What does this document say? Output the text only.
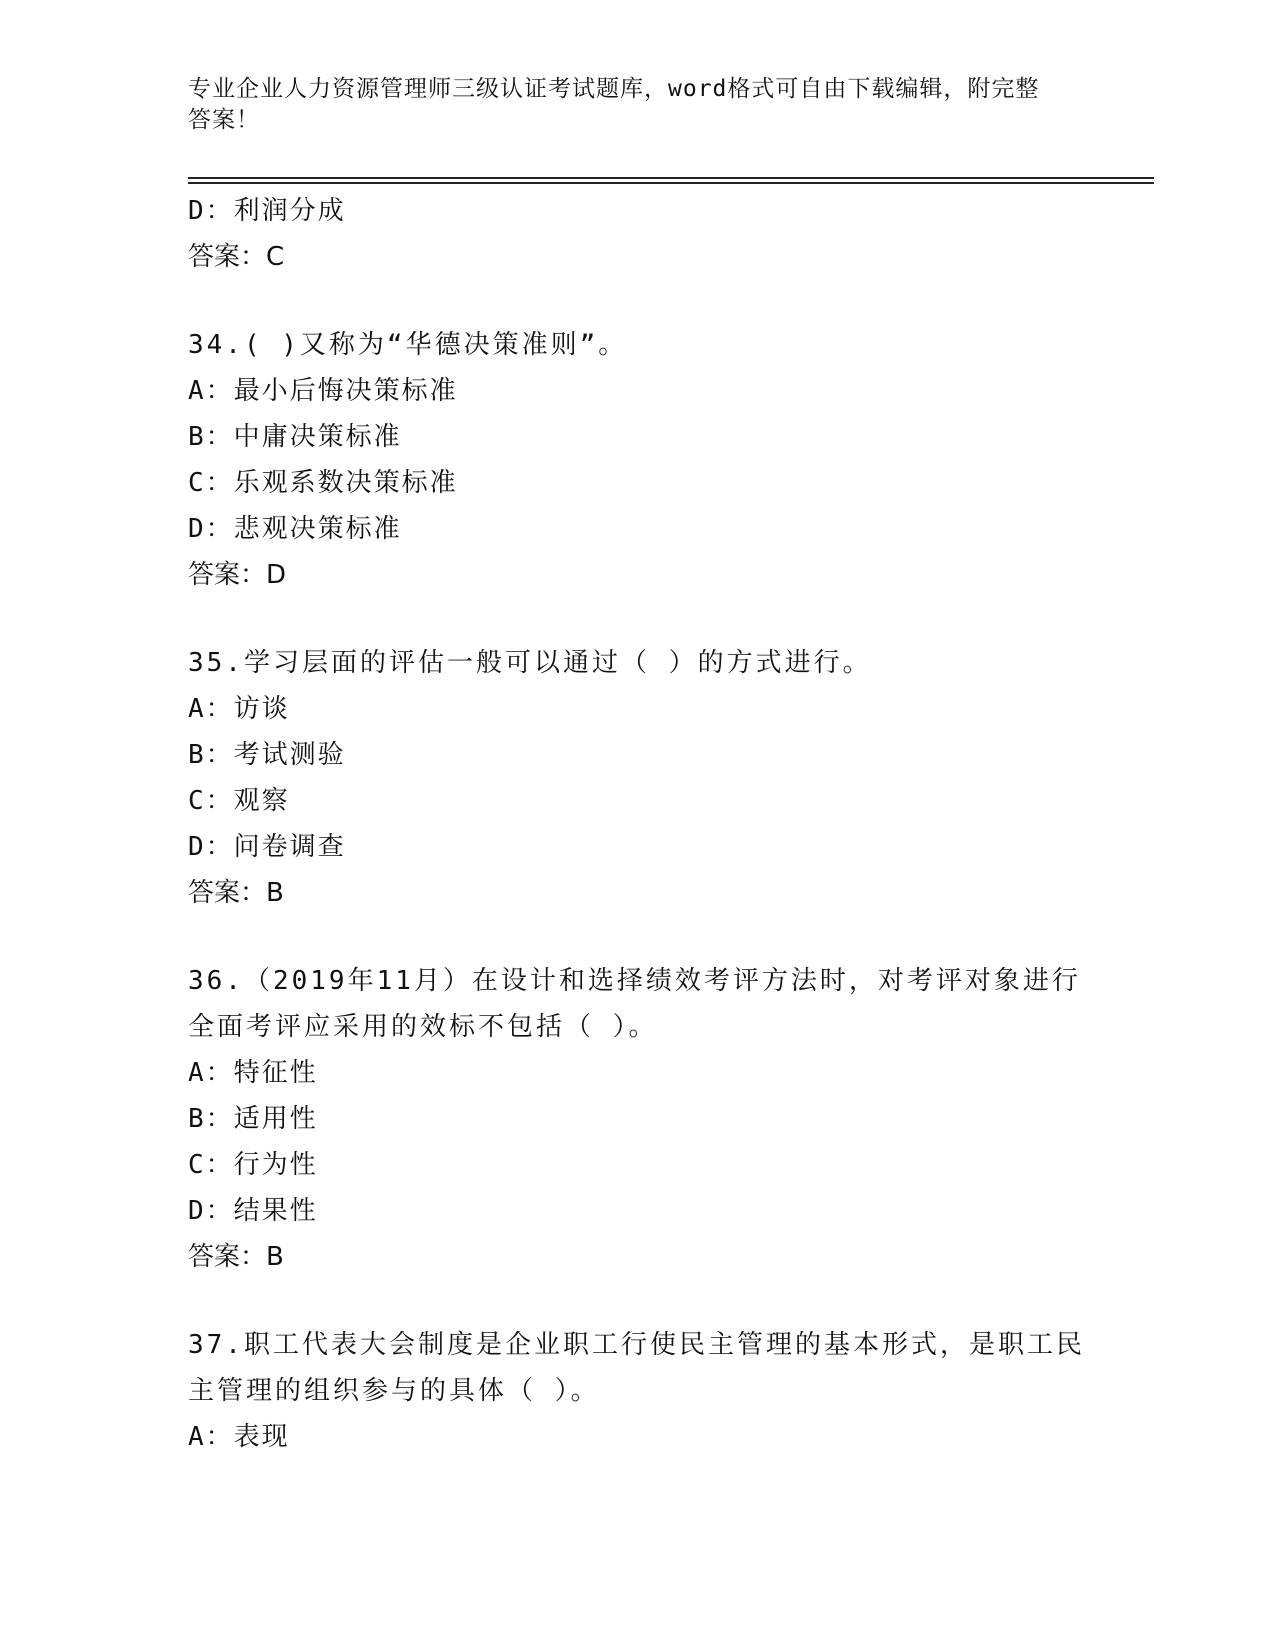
专业企业人力资源管理师三级认证考试题库，word格式可自由下载编辑，附完整
答案！
D：利润分成
答案：C
34.( )又称为“华德决策准则”。
A：最小后悔决策标准
B：中庸决策标准
C：乐观系数决策标准
D：悲观决策标准
答案：D
35.学习层面的评估一般可以通过（ ）的方式进行。
A：访谈
B：考试测验
C：观察
D：问卷调查
答案：B
36.（2019年11月）在设计和选择绩效考评方法时，对考评对象进行
全面考评应采用的效标不包括（ ）。
A：特征性
B：适用性
C：行为性
D：结果性
答案：B
37.职工代表大会制度是企业职工行使民主管理的基本形式，是职工民
主管理的组织参与的具体（ ）。
A：表现
